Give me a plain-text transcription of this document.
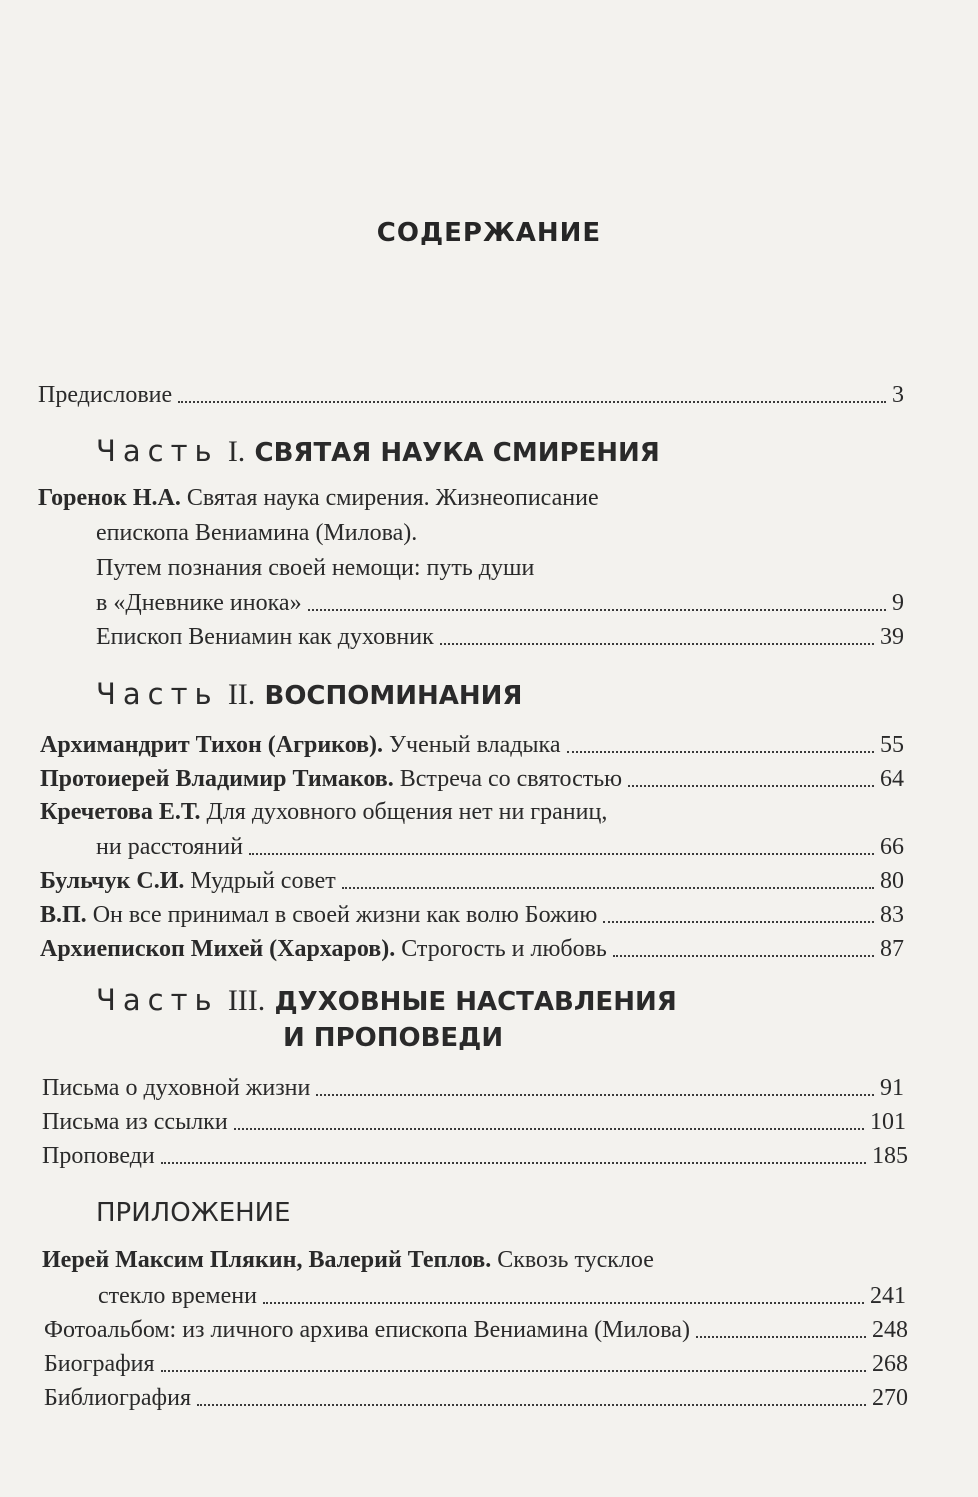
СОДЕРЖАНИЕ
Предисловие	3
Часть I. СВЯТАЯ НАУКА СМИРЕНИЯ
Горенок Н.А. Святая наука смирения. Жизнеописание
епископа Вениамина (Милова).
Путем познания своей немощи: путь души
в «Дневнике инока»	9
Епископ Вениамин как духовник	39
Часть II. ВОСПОМИНАНИЯ
Архимандрит Тихон (Агриков). Ученый владыка	55
Протоиерей Владимир Тимаков. Встреча со святостью	64
Кречетова Е.Т. Для духовного общения нет ни границ,
ни расстояний	66
Бульчук С.И. Мудрый совет	80
В.П. Он все принимал в своей жизни как волю Божию	83
Архиепископ Михей (Хархаров). Строгость и любовь	87
Часть III. ДУХОВНЫЕ НАСТАВЛЕНИЯ
И ПРОПОВЕДИ
Письма о духовной жизни	91
Письма из ссылки	101
Проповеди	185
ПРИЛОЖЕНИЕ
Иерей Максим Плякин, Валерий Теплов. Сквозь тусклое
стекло времени	241
Фотоальбом: из личного архива епископа Вениамина (Милова)	248
Биография	268
Библиография	270
